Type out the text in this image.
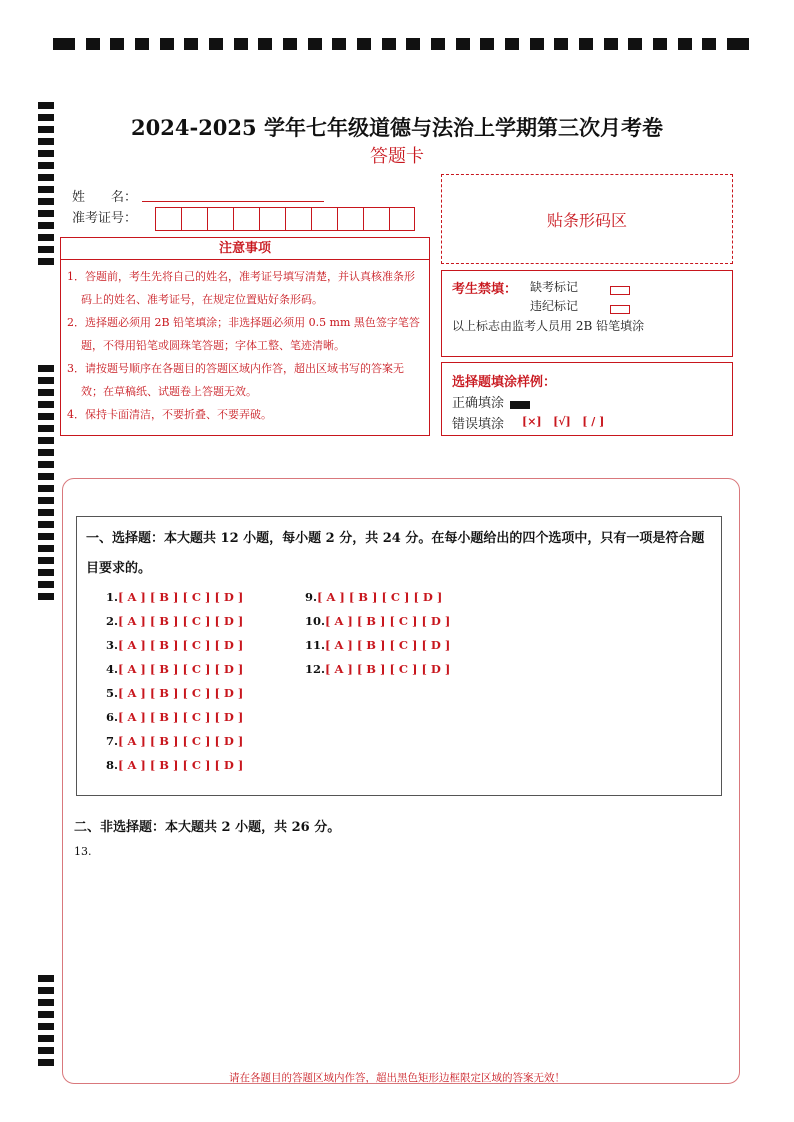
2024-2025 学年七年级道德与法治上学期第三次月考卷
答题卡
姓　　名：
准考证号：	贴条形码区
注意事项
1．答题前，考生先将自己的姓名，准考证号填写清楚，并认真核准条形码上的姓名、准考证号，在规定位置贴好条形码。
2．选择题必须用 2B 铅笔填涂；非选择题必须用 0.5 mm 黑色签字笔答题，不得用铅笔或圆珠笔答题；字体工整、笔迹清晰。
3．请按题号顺序在各题目的答题区域内作答，超出区域书写的答案无效；在草稿纸、试题卷上答题无效。
4．保持卡面清洁，不要折叠、不要弄破。
考生禁填： 缺考标记
违纪标记
以上标志由监考人员用 2B 铅笔填涂
选择题填涂样例：
正确填涂
错误填涂 [×]   [√]   [ / ]
一、选择题：本大题共 12 小题，每小题 2 分，共 24 分。在每小题给出的四个选项中，只有一项是符合题目要求的。
1.[ A ] [ B ] [ C ] [ D ]
2.[ A ] [ B ] [ C ] [ D ]
3.[ A ] [ B ] [ C ] [ D ]
4.[ A ] [ B ] [ C ] [ D ]
5.[ A ] [ B ] [ C ] [ D ]
6.[ A ] [ B ] [ C ] [ D ]
7.[ A ] [ B ] [ C ] [ D ]
8.[ A ] [ B ] [ C ] [ D ]
9.[ A ] [ B ] [ C ] [ D ]
10.[ A ] [ B ] [ C ] [ D ]
11.[ A ] [ B ] [ C ] [ D ]
12.[ A ] [ B ] [ C ] [ D ]
二、非选择题：本大题共 2 小题，共 26 分。
13.
请在各题目的答题区域内作答，超出黑色矩形边框限定区域的答案无效！
